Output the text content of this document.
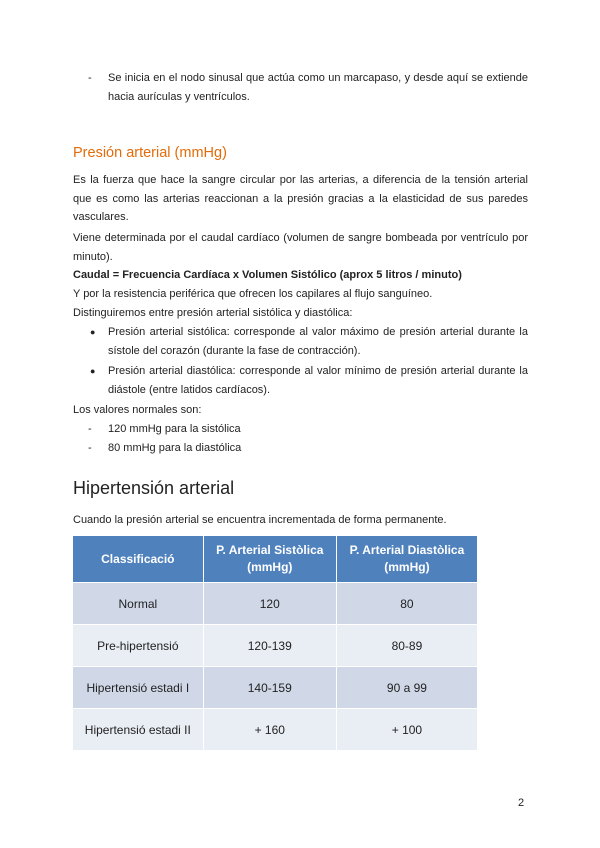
- Se inicia en el nodo sinusal que actúa como un marcapaso, y desde aquí se extiende hacia aurículas y ventrículos.
Presión arterial (mmHg)
Es la fuerza que hace la sangre circular por las arterias, a diferencia de la tensión arterial que es como las arterias reaccionan a la presión gracias a la elasticidad de sus paredes vasculares.
Viene determinada por el caudal cardíaco (volumen de sangre bombeada por ventrículo por minuto).
Caudal = Frecuencia Cardíaca x Volumen Sistólico (aprox 5 litros / minuto)
Y por la resistencia periférica que ofrecen los capilares al flujo sanguíneo.
Distinguiremos entre presión arterial sistólica y diastólica:
● Presión arterial sistólica: corresponde al valor máximo de presión arterial durante la sístole del corazón (durante la fase de contracción).
● Presión arterial diastólica: corresponde al valor mínimo de presión arterial durante la diástole (entre latidos cardíacos).
Los valores normales son:
- 120 mmHg para la sistólica
- 80 mmHg para la diastólica
Hipertensión arterial
Cuando la presión arterial se encuentra incrementada de forma permanente.
Classificació	P. Arterial Sistòlica (mmHg)	P. Arterial Diastòlica (mmHg)
Normal	120	80
Pre-hipertensió	120-139	80-89
Hipertensió estadi I	140-159	90 a 99
Hipertensió estadi II	+ 160	+ 100
2
